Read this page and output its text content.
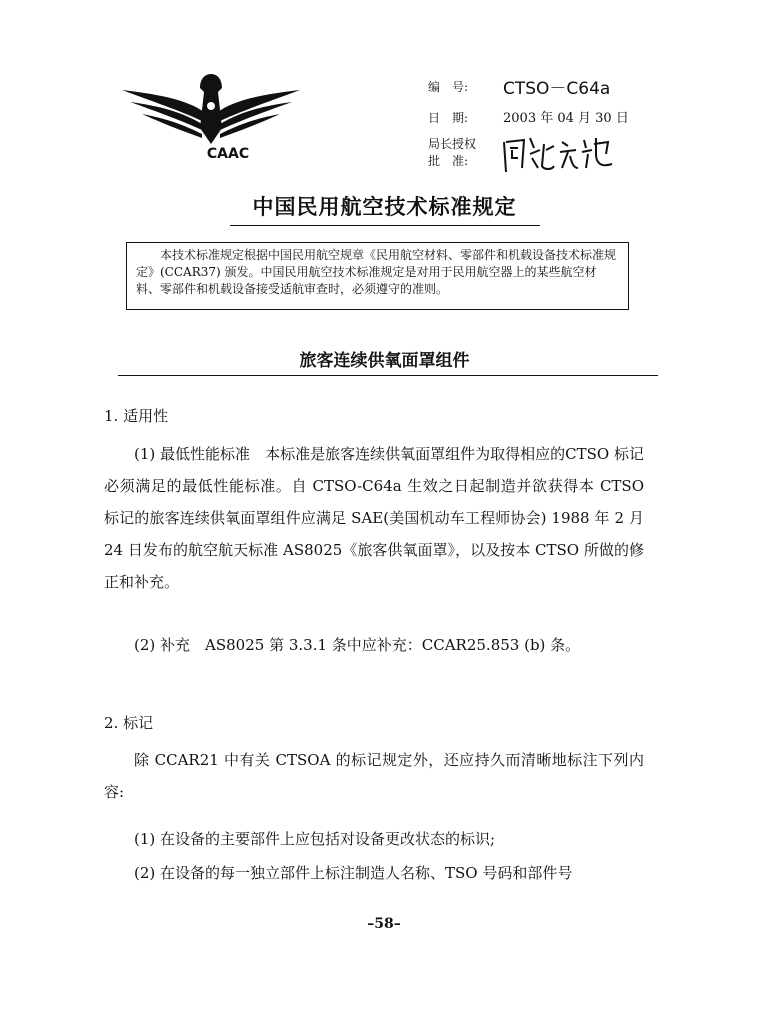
CAAC
编　号:	CTSO－C64a
日　期:	2003 年 04 月 30 日
局长授权
批　准:
中国民用航空技术标准规定
本技术标准规定根据中国民用航空规章《民用航空材料、零部件和机载设备技术标准规定》(CCAR37) 颁发。中国民用航空技术标准规定是对用于民用航空器上的某些航空材料、零部件和机载设备接受适航审查时，必须遵守的准则。
旅客连续供氧面罩组件
1. 适用性
(1) 最低性能标准　 本标准是旅客连续供氧面罩组件为取得相应的CTSO 标记必须满足的最低性能标准。自 CTSO-C64a 生效之日起制造并欲获得本 CTSO 标记的旅客连续供氧面罩组件应满足 SAE(美国机动车工程师协会) 1988 年 2 月 24 日发布的航空航天标准 AS8025《旅客供氧面罩》，以及按本 CTSO 所做的修正和补充。
(2) 补充　AS8025 第 3.3.1 条中应补充：CCAR25.853 (b) 条。
2. 标记
除 CCAR21 中有关 CTSOA 的标记规定外，还应持久而清晰地标注下列内容:
(1) 在设备的主要部件上应包括对设备更改状态的标识;
(2) 在设备的每一独立部件上标注制造人名称、TSO 号码和部件号
–58–
